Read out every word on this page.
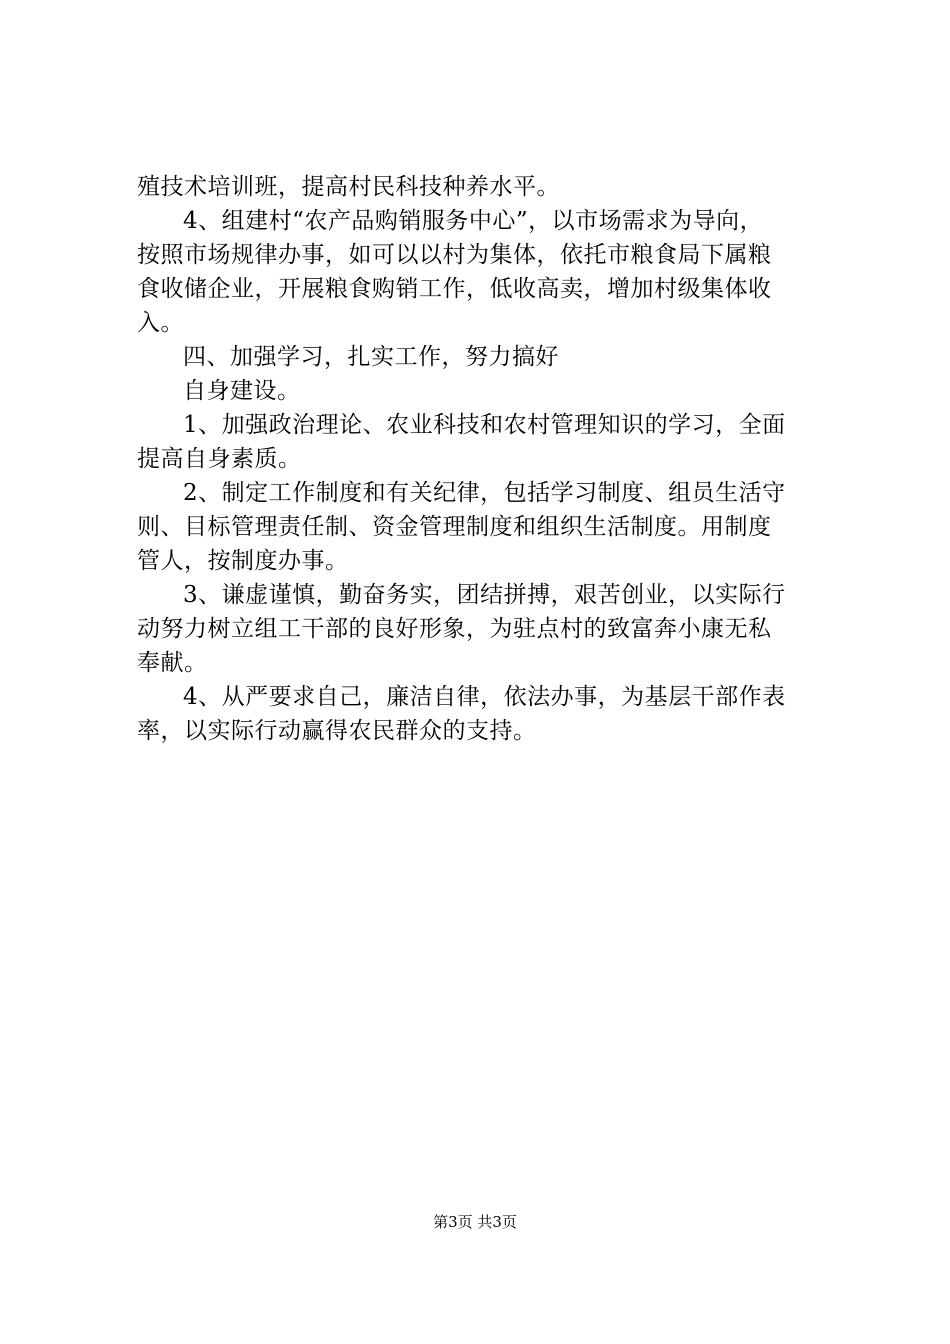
殖技术培训班，提高村民科技种养水平。
4、组建村“农产品购销服务中心”，以市场需求为导向，
按照市场规律办事，如可以以村为集体，依托市粮食局下属粮
食收储企业，开展粮食购销工作，低收高卖，增加村级集体收
入。
四、加强学习，扎实工作，努力搞好
自身建设。
1、加强政治理论、农业科技和农村管理知识的学习，全面
提高自身素质。
2、制定工作制度和有关纪律，包括学习制度、组员生活守
则、目标管理责任制、资金管理制度和组织生活制度。用制度
管人，按制度办事。
3、谦虚谨慎，勤奋务实，团结拼搏，艰苦创业，以实际行
动努力树立组工干部的良好形象，为驻点村的致富奔小康无私
奉献。
4、从严要求自己，廉洁自律，依法办事，为基层干部作表
率，以实际行动赢得农民群众的支持。
第3页 共3页
